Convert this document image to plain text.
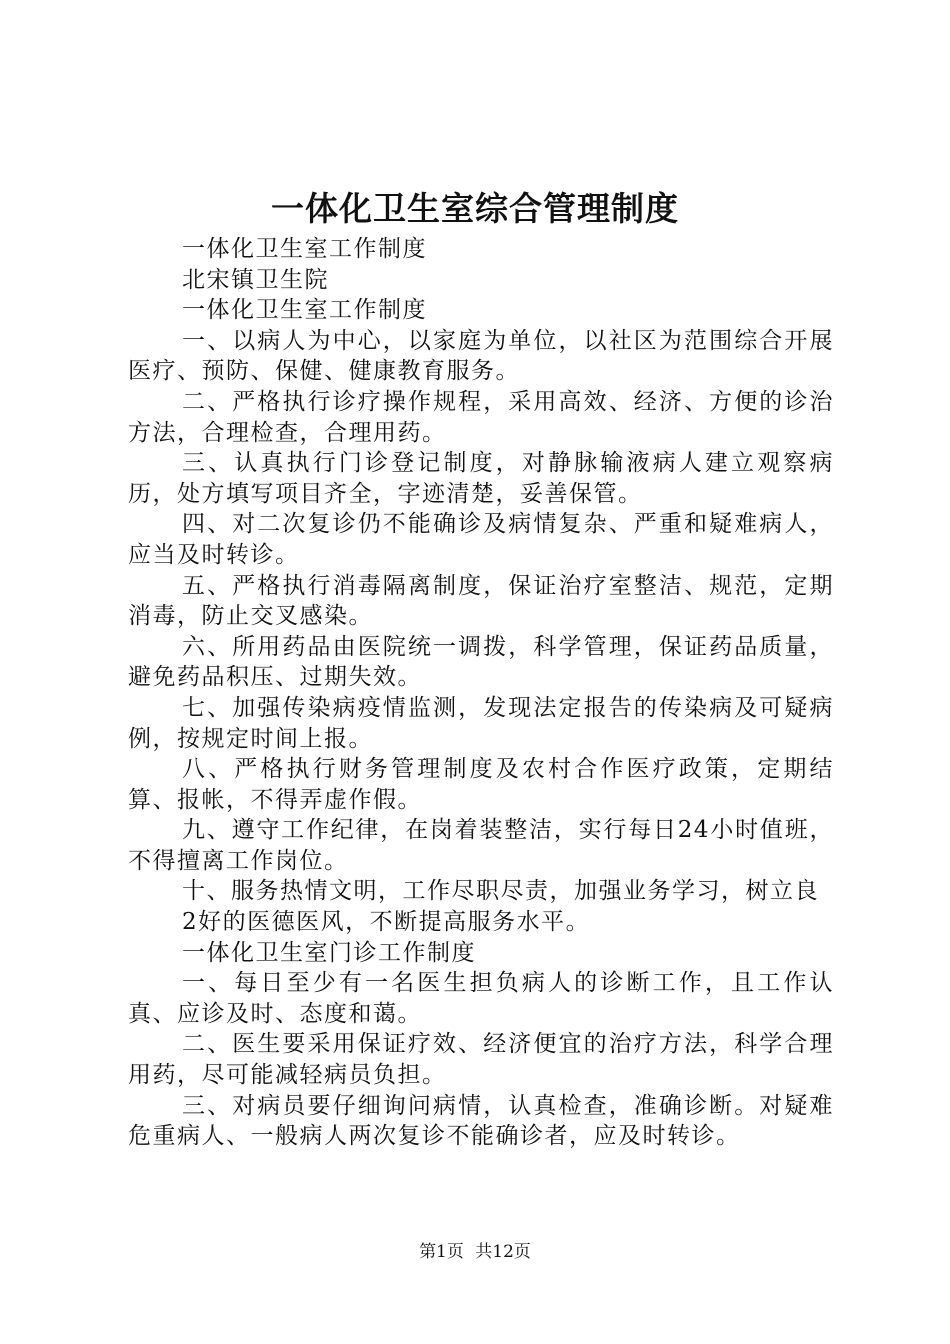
一体化卫生室综合管理制度

一体化卫生室工作制度

北宋镇卫生院

一体化卫生室工作制度

一、以病人为中心，以家庭为单位，以社区为范围综合开展医疗、预防、保健、健康教育服务。

二、严格执行诊疗操作规程，采用高效、经济、方便的诊治方法，合理检查，合理用药。

三、认真执行门诊登记制度，对静脉输液病人建立观察病历，处方填写项目齐全，字迹清楚，妥善保管。

四、对二次复诊仍不能确诊及病情复杂、严重和疑难病人，应当及时转诊。

五、严格执行消毒隔离制度，保证治疗室整洁、规范，定期消毒，防止交叉感染。

六、所用药品由医院统一调拨，科学管理，保证药品质量，避免药品积压、过期失效。

七、加强传染病疫情监测，发现法定报告的传染病及可疑病例，按规定时间上报。

八、严格执行财务管理制度及农村合作医疗政策，定期结算、报帐，不得弄虚作假。

九、遵守工作纪律，在岗着装整洁，实行每日24小时值班，不得擅离工作岗位。

十、服务热情文明，工作尽职尽责，加强业务学习，树立良

2好的医德医风，不断提高服务水平。

一体化卫生室门诊工作制度

一、每日至少有一名医生担负病人的诊断工作，且工作认真、应诊及时、态度和蔼。

二、医生要采用保证疗效、经济便宜的治疗方法，科学合理用药，尽可能减轻病员负担。

三、对病员要仔细询问病情，认真检查，准确诊断。对疑难危重病人、一般病人两次复诊不能确诊者，应及时转诊。

第1页 共12页
